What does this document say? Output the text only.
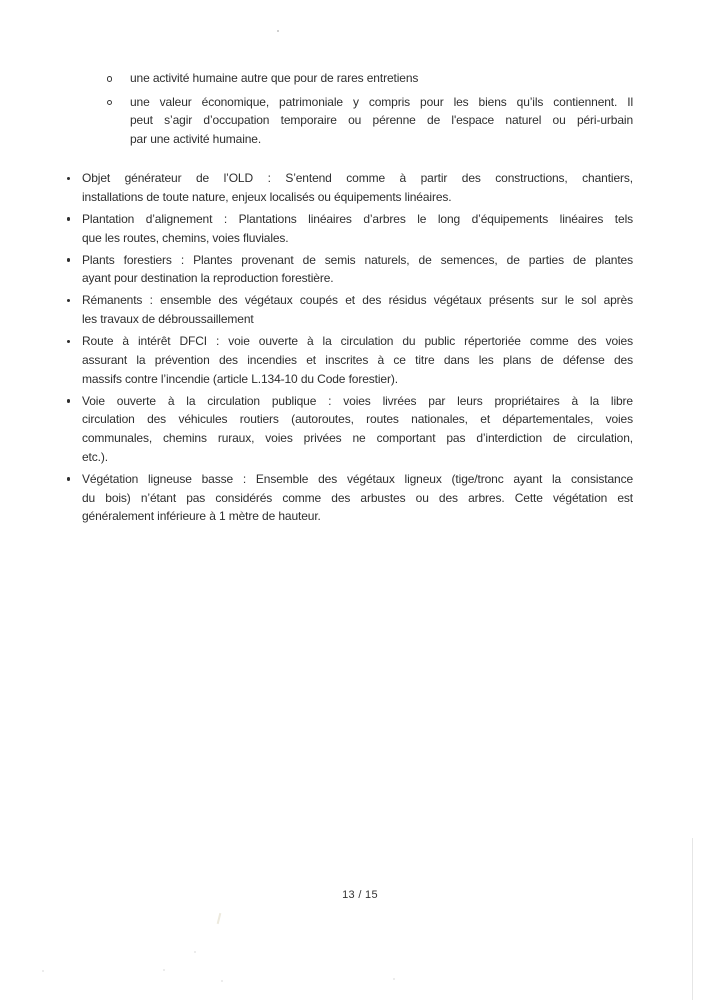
une activité humaine autre que pour de rares entretiens
une valeur économique, patrimoniale y compris pour les biens qu’ils contiennent. Il
peut s’agir d’occupation temporaire ou pérenne de l'espace naturel ou péri-urbain
par une activité humaine.
Objet générateur de l’OLD : S’entend comme à partir des constructions, chantiers,
installations de toute nature, enjeux localisés ou équipements linéaires.
Plantation d’alignement : Plantations linéaires d’arbres le long d’équipements linéaires tels
que les routes, chemins, voies fluviales.
Plants forestiers : Plantes provenant de semis naturels, de semences, de parties de plantes
ayant pour destination la reproduction forestière.
Rémanents : ensemble des végétaux coupés et des résidus végétaux présents sur le sol après
les travaux de débroussaillement
Route à intérêt DFCI : voie ouverte à la circulation du public répertoriée comme des voies
assurant la prévention des incendies et inscrites à ce titre dans les plans de défense des
massifs contre l’incendie (article L.134-10 du Code forestier).
Voie ouverte à la circulation publique : voies livrées par leurs propriétaires à la libre
circulation des véhicules routiers (autoroutes, routes nationales, et départementales, voies
communales, chemins ruraux, voies privées ne comportant pas d’interdiction de circulation,
etc.).
Végétation ligneuse basse : Ensemble des végétaux ligneux (tige/tronc ayant la consistance
du bois) n’étant pas considérés comme des arbustes ou des arbres. Cette végétation est
généralement inférieure à 1 mètre de hauteur.
13 / 15
